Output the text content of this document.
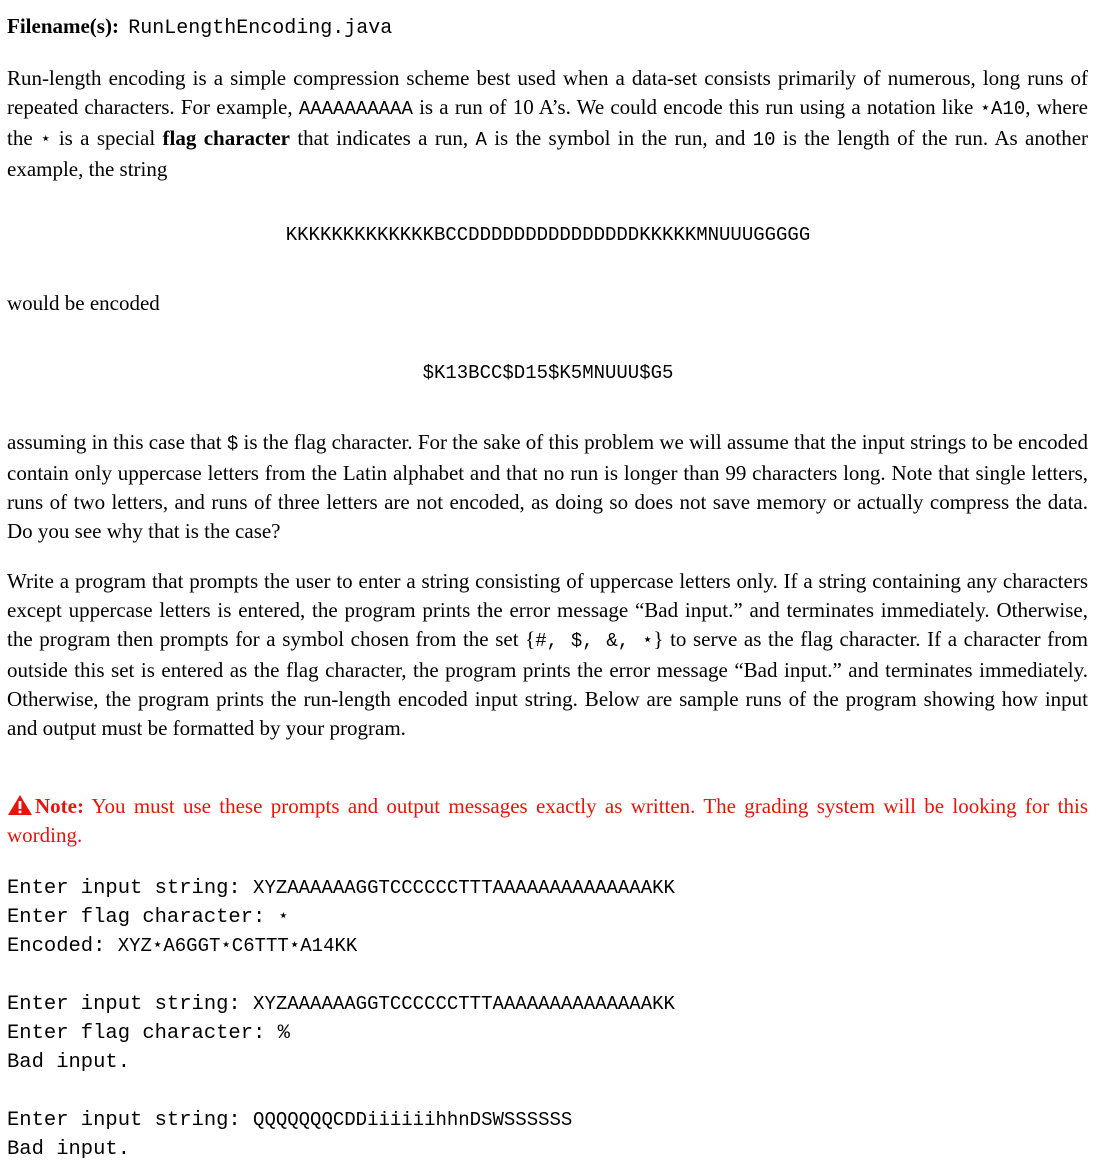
Filename(s): RunLengthEncoding.java

Run-length encoding is a simple compression scheme best used when a data-set consists primarily of numerous, long runs of repeated characters. For example, AAAAAAAAAA is a run of 10 A’s. We could encode this run using a notation like ⋆A10, where the ⋆ is a special flag character that indicates a run, A is the symbol in the run, and 10 is the length of the run. As another example, the string

KKKKKKKKKKKKKBCCDDDDDDDDDDDDDDDKKKKKMNUUUGGGGG

would be encoded

$K13BCC$D15$K5MNUUU$G5

assuming in this case that $ is the flag character. For the sake of this problem we will assume that the input strings to be encoded contain only uppercase letters from the Latin alphabet and that no run is longer than 99 characters long. Note that single letters, runs of two letters, and runs of three letters are not encoded, as doing so does not save memory or actually compress the data. Do you see why that is the case?

Write a program that prompts the user to enter a string consisting of uppercase letters only. If a string containing any characters except uppercase letters is entered, the program prints the error message “Bad input.” and terminates immediately. Otherwise, the program then prompts for a symbol chosen from the set {#, $, &, ⋆} to serve as the flag character. If a character from outside this set is entered as the flag character, the program prints the error message “Bad input.” and terminates immediately. Otherwise, the program prints the run-length encoded input string. Below are sample runs of the program showing how input and output must be formatted by your program.

Note: You must use these prompts and output messages exactly as written. The grading system will be looking for this wording.

Enter input string: XYZAAAAAAGGTCCCCCCTTTAAAAAAAAAAAAAAKK
Enter flag character: ⋆
Encoded: XYZ⋆A6GGT⋆C6TTT⋆A14KK
Enter input string: XYZAAAAAAGGTCCCCCCTTTAAAAAAAAAAAAAAKK
Enter flag character: %
Bad input.
Enter input string: QQQQQQQCDDiiiiiihhnDSWSSSSSS
Bad input.
